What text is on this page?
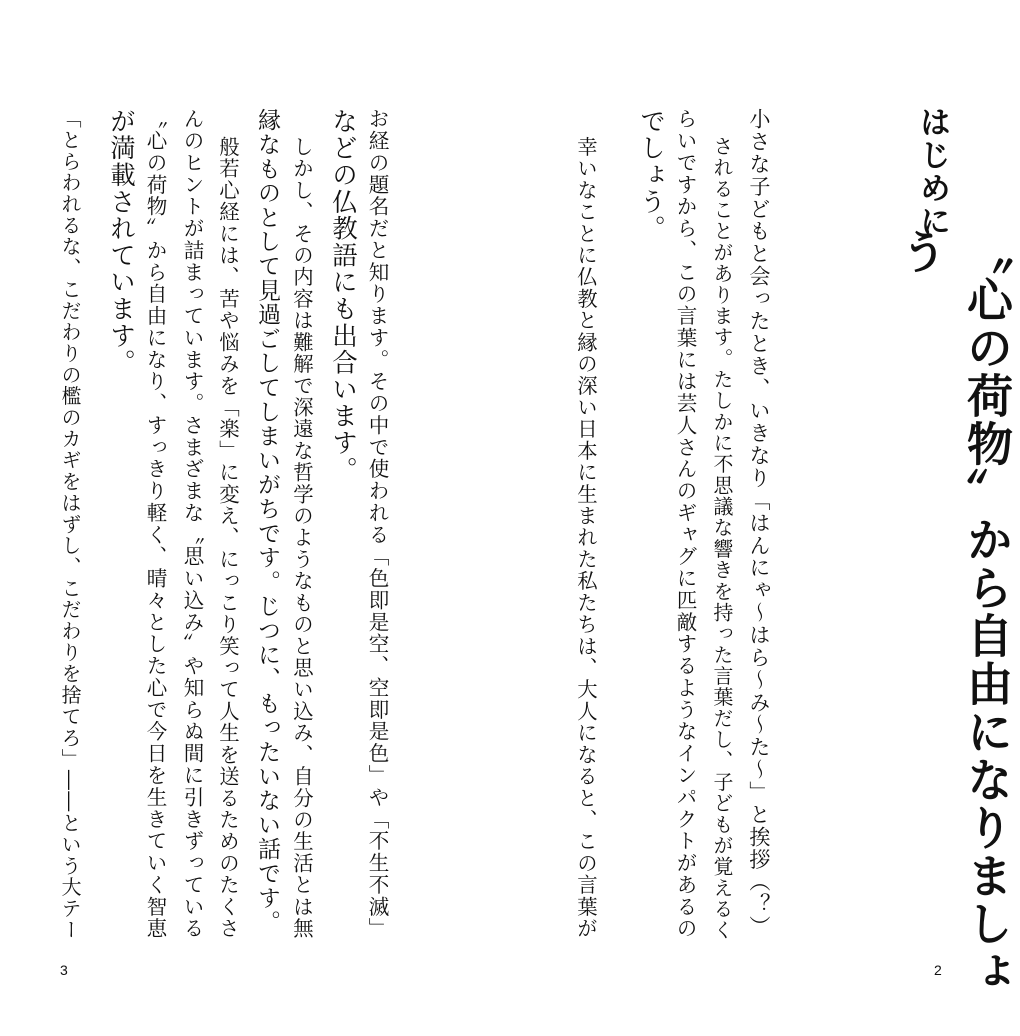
はじめに
〝心の荷物〟から自由になりましょう
小さな子どもと会ったとき、いきなり「はんにゃ〜はら〜み〜た〜」と挨拶（？）
されることがあります。たしかに不思議な響きを持った言葉だし、子どもが覚えるく
らいですから、この言葉には芸人さんのギャグに匹敵するようなインパクトがあるの
でしょう。
幸いなことに仏教と縁の深い日本に生まれた私たちは、大人になると、この言葉が
2
お経の題名だと知ります。その中で使われる「色即是空、空即是色」や「不生不滅」
などの仏教語にも出合います。
しかし、その内容は難解で深遠な哲学のようなものと思い込み、自分の生活とは無
縁なものとして見過ごしてしまいがちです。じつに、もったいない話です。
般若心経には、苦や悩みを「楽」に変え、にっこり笑って人生を送るためのたくさ
んのヒントが詰まっています。さまざまな〝思い込み〟や知らぬ間に引きずっている
〝心の荷物〟から自由になり、すっきり軽く、晴々とした心で今日を生きていく智恵
が満載されています。
「とらわれるな、こだわりの檻のカギをはずし、こだわりを捨てろ」――という大テー
3
